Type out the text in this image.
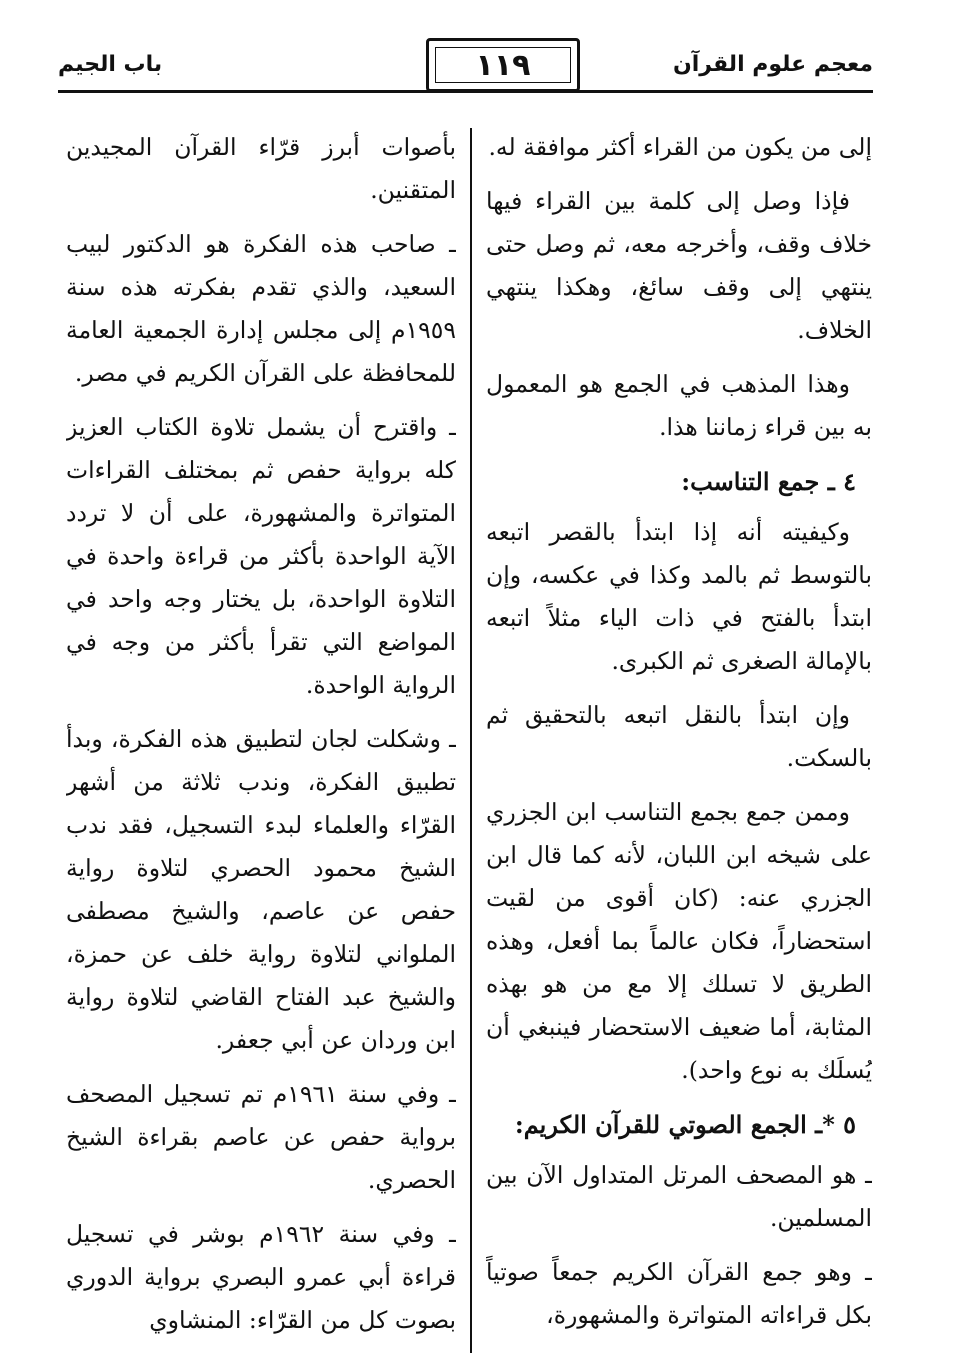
معجم علوم القرآن
١١٩
باب الجيم

إلى من يكون من القراء أكثر موافقة له.

فإذا وصل إلى كلمة بين القراء فيها خلاف وقف، وأخرجه معه، ثم وصل حتى ينتهي إلى وقف سائغ، وهكذا ينتهي الخلاف.

وهذا المذهب في الجمع هو المعمول به بين قراء زماننا هذا.

٤ ـ جمع التناسب:

وكيفيته أنه إذا ابتدأ بالقصر اتبعه بالتوسط ثم بالمد وكذا في عكسه، وإن ابتدأ بالفتح في ذات الياء مثلاً اتبعه بالإمالة الصغرى ثم الكبرى.

وإن ابتدأ بالنقل اتبعه بالتحقيق ثم بالسكت.

وممن جمع بجمع التناسب ابن الجزري على شيخه ابن اللبان، لأنه كما قال ابن الجزري عنه: (كان أقوى من لقيت استحضاراً، فكان عالماً بما أفعل، وهذه الطريق لا تسلك إلا مع من هو بهذه المثابة، أما ضعيف الاستحضار فينبغي أن يُسلَك به نوع واحد).

٥ *ـ الجمع الصوتي للقرآن الكريم:

ـ هو المصحف المرتل المتداول الآن بين المسلمين.

ـ وهو جمع القرآن الكريم جمعاً صوتياً بكل قراءاته المتواترة والمشهورة،

بأصوات أبرز قرّاء القرآن المجيدين المتقنين.

ـ صاحب هذه الفكرة هو الدكتور لبيب السعيد، والذي تقدم بفكرته هذه سنة ١٩٥٩م إلى مجلس إدارة الجمعية العامة للمحافظة على القرآن الكريم في مصر.

ـ واقترح أن يشمل تلاوة الكتاب العزيز كله برواية حفص ثم بمختلف القراءات المتواترة والمشهورة، على أن لا تردد الآية الواحدة بأكثر من قراءة واحدة في التلاوة الواحدة، بل يختار وجه واحد في المواضع التي تقرأ بأكثر من وجه في الرواية الواحدة.

ـ وشكلت لجان لتطبيق هذه الفكرة، وبدأ تطبيق الفكرة، وندب ثلاثة من أشهر القرّاء والعلماء لبدء التسجيل، فقد ندب الشيخ محمود الحصري لتلاوة رواية حفص عن عاصم، والشيخ مصطفى الملواني لتلاوة رواية خلف عن حمزة، والشيخ عبد الفتاح القاضي لتلاوة رواية ابن وردان عن أبي جعفر.

ـ وفي سنة ١٩٦١م تم تسجيل المصحف برواية حفص عن عاصم بقراءة الشيخ الحصري.

ـ وفي سنة ١٩٦٢م بوشر في تسجيل قراءة أبي عمرو البصري برواية الدوري بصوت كل من القرّاء: المنشاوي
